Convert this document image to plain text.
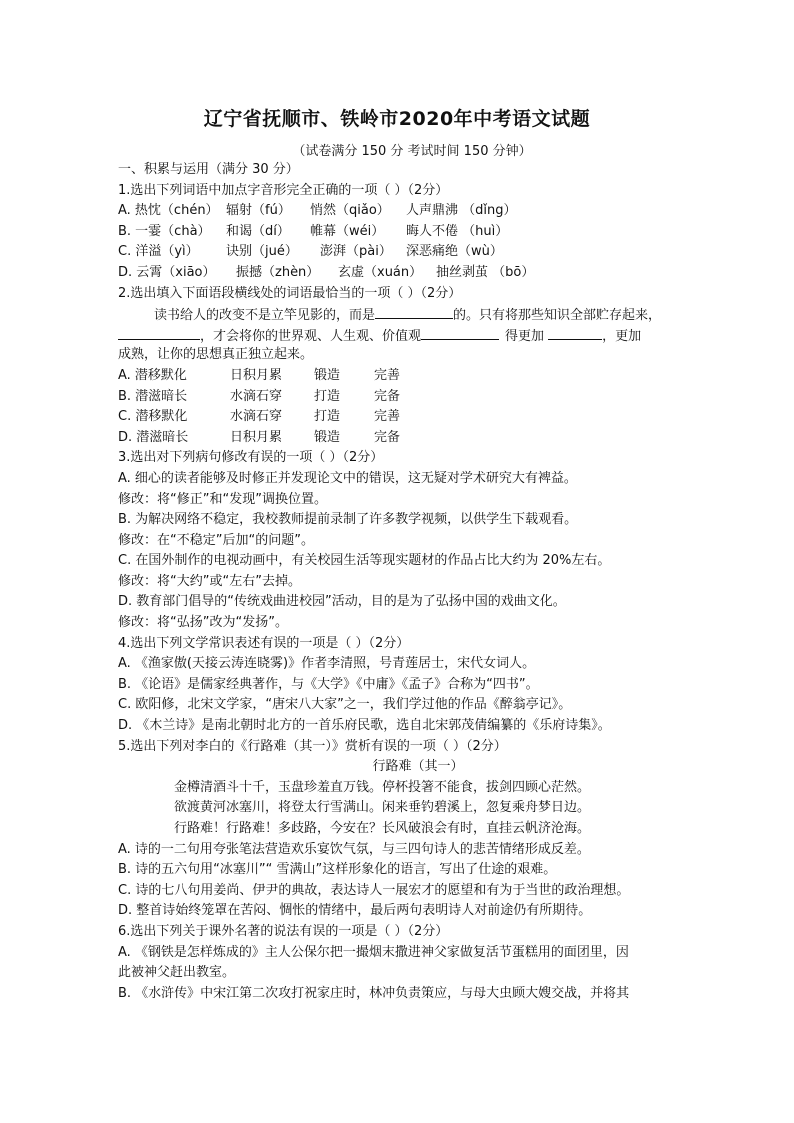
辽宁省抚顺市、铁岭市2020年中考语文试题
（试卷满分 150 分 考试时间 150 分钟）
一、积累与运用（满分 30 分）
1.选出下列词语中加点字音形完全正确的一项（ ）（2分）
A. 热忱（chén） 辐射（fú） 悄然（qiǎo） 人声鼎沸 （dǐng）
B. 一霎（chà） 和谒（dí） 帷幕（wéi） 晦人不倦 （huì）
C. 洋溢（yì） 诀别（jué） 澎湃（pài） 深恶痛绝（wù）
D. 云霄（xiāo） 振撼（zhèn） 玄虚（xuán） 抽丝剥茧 （bō）
2.选出填入下面语段横线处的词语最恰当的一项（ ）（2分）
读书给人的改变不是立竿见影的，而是	的。只有将那些知识全部贮存起来，
，才会将你的世界观、人生观、价值观	得更加	，更加
成熟，让你的思想真正独立起来。
A. 潜移默化	日积月累 锻造	完善
B. 潜滋暗长	水滴石穿 打造	完备
C. 潜移默化	水滴石穿 打造	完善
D. 潜滋暗长	日积月累 锻造	完备
3.选出对下列病句修改有误的一项（ ）（2分）
A. 细心的读者能够及时修正并发现论文中的错误，这无疑对学术研究大有裨益。
修改：将“修正”和“发现”调换位置。
B. 为解决网络不稳定，我校教师提前录制了许多教学视频，以供学生下载观看。
修改：在“不稳定”后加“的问题”。
C. 在国外制作的电视动画中，有关校园生活等现实题材的作品占比大约为 20%左右。
修改：将“大约”或“左右”去掉。
D. 教育部门倡导的“传统戏曲进校园”活动，目的是为了弘扬中国的戏曲文化。
修改：将“弘扬”改为“发扬”。
4.选出下列文学常识表述有误的一项是（ ）（2分）
A. 《渔家傲(天接云涛连晓雾)》作者李清照，号青莲居士，宋代女词人。
B. 《论语》是儒家经典著作，与《大学》《中庸》《孟子》合称为“四书”。
C. 欧阳修，北宋文学家，“唐宋八大家”之一，我们学过他的作品《醉翁亭记》。
D. 《木兰诗》是南北朝时北方的一首乐府民歌，选自北宋郭茂倩编纂的《乐府诗集》。
5.选出下列对李白的《行路难（其一）》赏析有误的一项（ ）（2分）
行路难（其一）
金樽清酒斗十千，玉盘珍羞直万钱。停杯投箸不能食，拔剑四顾心茫然。
欲渡黄河冰塞川，将登太行雪满山。闲来垂钓碧溪上，忽复乘舟梦日边。
行路难！行路难！多歧路，今安在？长风破浪会有时，直挂云帆济沧海。
A. 诗的一二句用夸张笔法营造欢乐宴饮气氛，与三四句诗人的悲苦情绪形成反差。
B. 诗的五六句用“冰塞川”“ 雪满山”这样形象化的语言，写出了仕途的艰难。
C. 诗的七八句用姜尚、伊尹的典故，表达诗人一展宏才的愿望和有为于当世的政治理想。
D. 整首诗始终笼罩在苦闷、惆怅的情绪中，最后两句表明诗人对前途仍有所期待。
6.选出下列关于课外名著的说法有误的一项是（ ）（2分）
A. 《钢铁是怎样炼成的》主人公保尔把一撮烟末撒进神父家做复活节蛋糕用的面团里，因
此被神父赶出教室。
B. 《水浒传》中宋江第二次攻打祝家庄时，林冲负责策应，与母大虫顾大嫂交战，并将其
